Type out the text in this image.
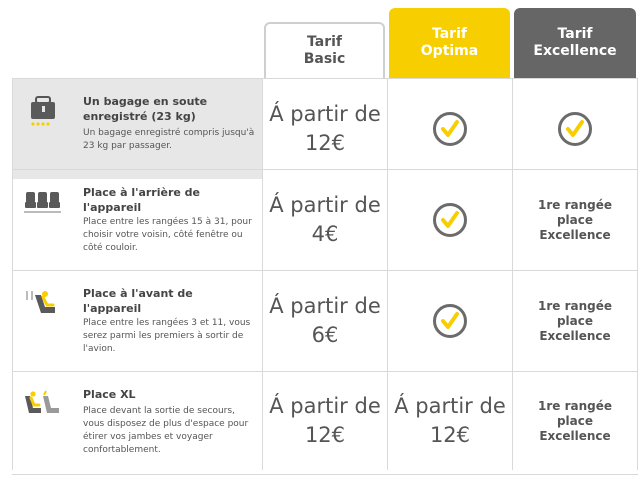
Tarif
Basic
Tarif
Optima
Tarif
Excellence
Un bagage en soute enregistré (23 kg)
Un bagage enregistré compris jusqu'à 23 kg par passager.
Á partir de
12€
Place à l'arrière de l'appareil
Place entre les rangées 15 à 31, pour choisir votre voisin, côté fenêtre ou côté couloir.
Á partir de
4€
1re rangée place Excellence
Place à l'avant de l'appareil
Place entre les rangées 3 et 11, vous serez parmi les premiers à sortir de l'avion.
Á partir de
6€
1re rangée place Excellence
Place XL
Place devant la sortie de secours, vous disposez de plus d'espace pour étirer vos jambes et voyager confortablement.
Á partir de
12€
Á partir de
12€
1re rangée place Excellence
